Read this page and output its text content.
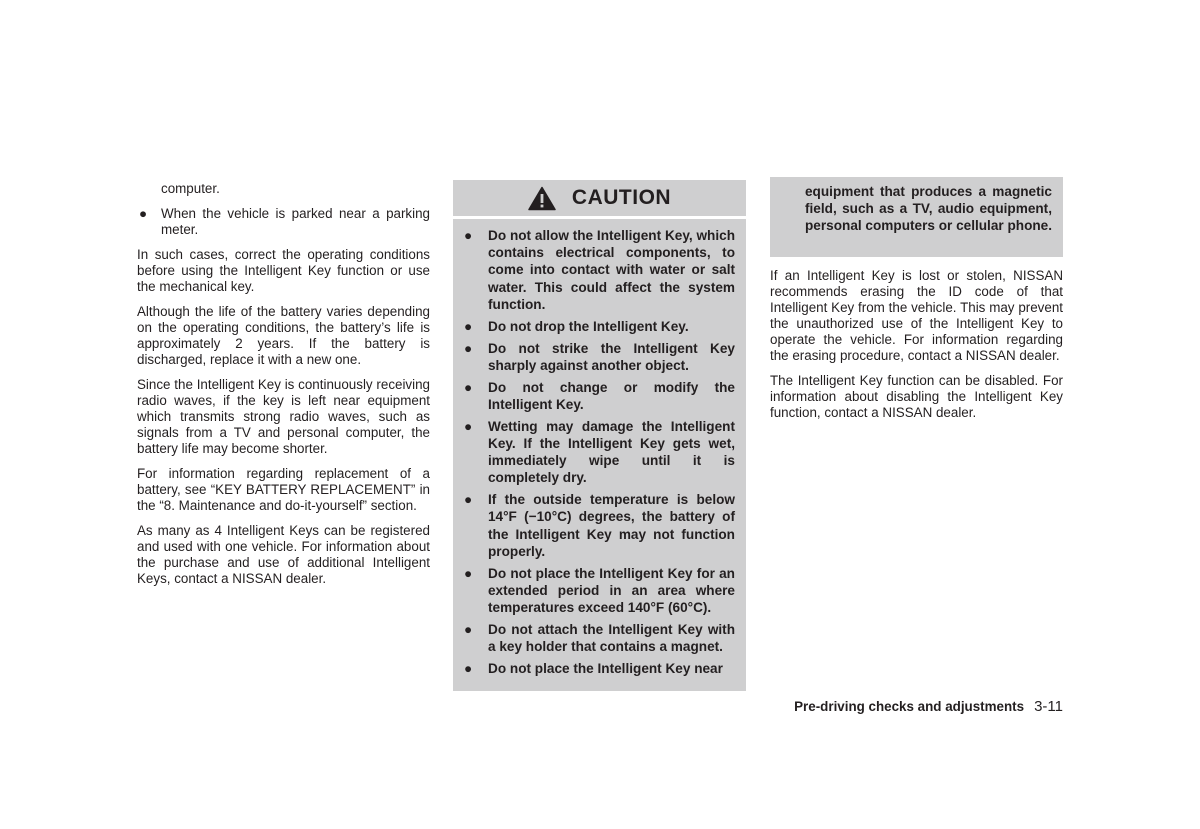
computer.
● When the vehicle is parked near a parking meter.

In such cases, correct the operating conditions before using the Intelligent Key function or use the mechanical key.

Although the life of the battery varies depending on the operating conditions, the battery’s life is approximately 2 years. If the battery is discharged, replace it with a new one.

Since the Intelligent Key is continuously receiving radio waves, if the key is left near equipment which transmits strong radio waves, such as signals from a TV and personal computer, the battery life may become shorter.

For information regarding replacement of a battery, see “KEY BATTERY REPLACEMENT” in the “8. Maintenance and do-it-yourself” section.

As many as 4 Intelligent Keys can be registered and used with one vehicle. For information about the purchase and use of additional Intelligent Keys, contact a NISSAN dealer.

CAUTION
● Do not allow the Intelligent Key, which contains electrical components, to come into contact with water or salt water. This could affect the system function.
● Do not drop the Intelligent Key.
● Do not strike the Intelligent Key sharply against another object.
● Do not change or modify the Intelligent Key.
● Wetting may damage the Intelligent Key. If the Intelligent Key gets wet, immediately wipe until it is completely dry.
● If the outside temperature is below 14°F (−10°C) degrees, the battery of the Intelligent Key may not function properly.
● Do not place the Intelligent Key for an extended period in an area where temperatures exceed 140°F (60°C).
● Do not attach the Intelligent Key with a key holder that contains a magnet.
● Do not place the Intelligent Key near
equipment that produces a magnetic field, such as a TV, audio equipment, personal computers or cellular phone.

If an Intelligent Key is lost or stolen, NISSAN recommends erasing the ID code of that Intelligent Key from the vehicle. This may prevent the unauthorized use of the Intelligent Key to operate the vehicle. For information regarding the erasing procedure, contact a NISSAN dealer.

The Intelligent Key function can be disabled. For information about disabling the Intelligent Key function, contact a NISSAN dealer.

Pre-driving checks and adjustments 3-11
